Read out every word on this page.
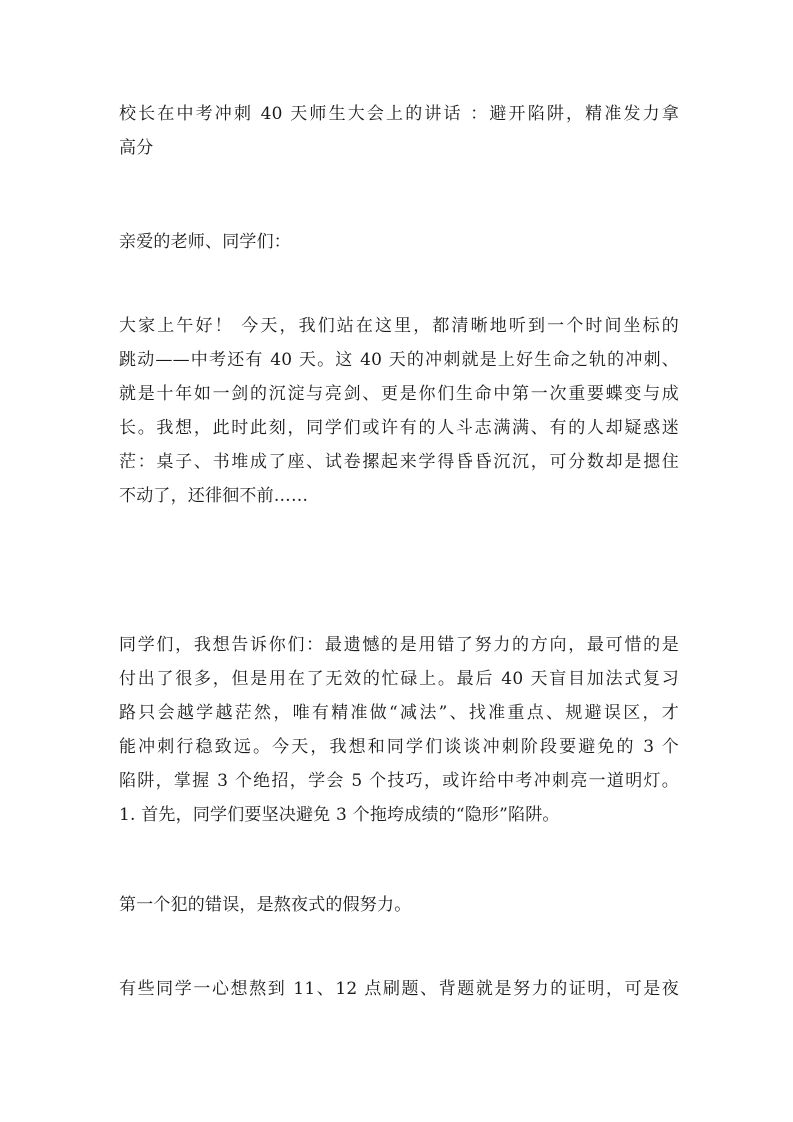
校长在中考冲刺 40 天师生大会上的讲话 ：避开陷阱，精准发力拿
高分
亲爱的老师、同学们：
大家上午好！ 今天，我们站在这里，都清晰地听到一个时间坐标的
跳动——中考还有 40 天。这 40 天的冲刺就是上好生命之轨的冲刺、
就是十年如一剑的沉淀与亮剑、更是你们生命中第一次重要蝶变与成
长。我想，此时此刻，同学们或许有的人斗志满满、有的人却疑惑迷
茫：桌子、书堆成了座、试卷摞起来学得昏昏沉沉，可分数却是摁住
不动了，还徘徊不前……
同学们，我想告诉你们：最遗憾的是用错了努力的方向，最可惜的是
付出了很多，但是用在了无效的忙碌上。最后 40 天盲目加法式复习
路只会越学越茫然，唯有精准做“减法”、找准重点、规避误区，才
能冲刺行稳致远。今天，我想和同学们谈谈冲刺阶段要避免的 3 个
陷阱，掌握 3 个绝招，学会 5 个技巧，或许给中考冲刺亮一道明灯。
1. 首先，同学们要坚决避免 3 个拖垮成绩的“隐形”陷阱。
第一个犯的错误，是熬夜式的假努力。
有些同学一心想熬到 11、12 点刷题、背题就是努力的证明，可是夜
